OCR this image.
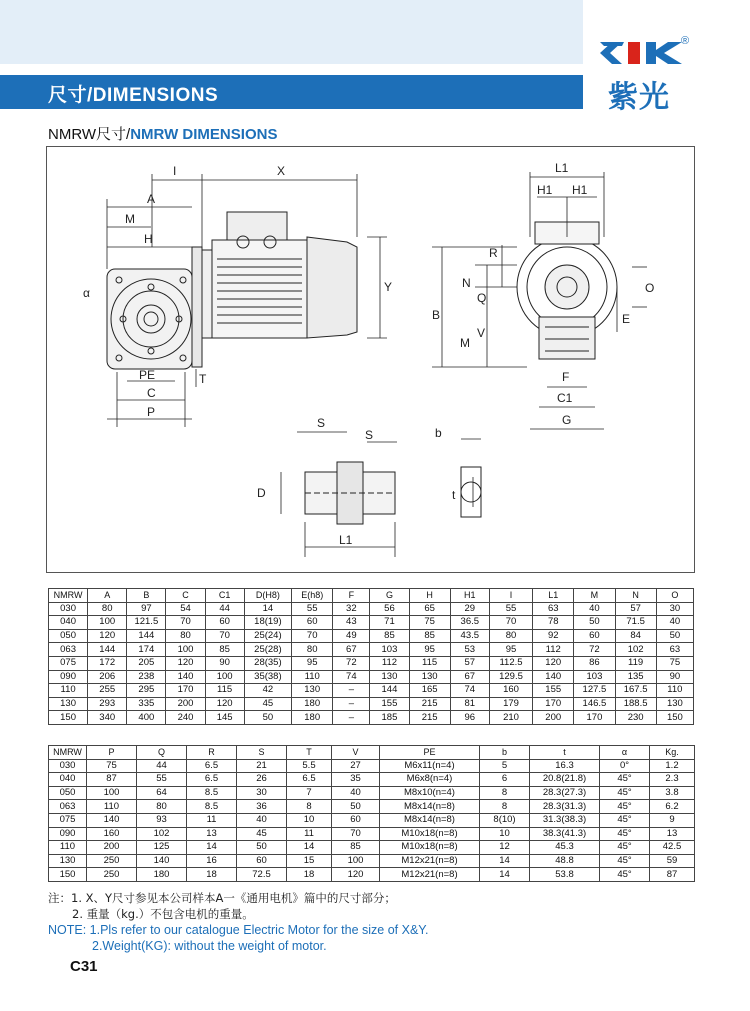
尺寸/DIMENSIONS
®
紫光
NMRW尺寸/NMRW DIMENSIONS
I	X
A
M
H
α	Y
PE
C
P
T
L1
H1 H1
R
N
Q
B
V
M
O
E
F
C1
G
S
S	b
D	t
L1
NMRW	A	B	C	C1	D(H8)	E(h8)	F	G	H	H1	I	L1	M	N	O
030	80	97	54	44	14	55	32	56	65	29	55	63	40	57	30
040	100	121.5	70	60	18(19)	60	43	71	75	36.5	70	78	50	71.5	40
050	120	144	80	70	25(24)	70	49	85	85	43.5	80	92	60	84	50
063	144	174	100	85	25(28)	80	67	103	95	53	95	112	72	102	63
075	172	205	120	90	28(35)	95	72	112	115	57	112.5	120	86	119	75
090	206	238	140	100	35(38)	110	74	130	130	67	129.5	140	103	135	90
110	255	295	170	115	42	130	–	144	165	74	160	155	127.5	167.5	110
130	293	335	200	120	45	180	–	155	215	81	179	170	146.5	188.5	130
150	340	400	240	145	50	180	–	185	215	96	210	200	170	230	150
NMRW	P	Q	R	S	T	V	PE	b	t	α	Kg.
030	75	44	6.5	21	5.5	27	M6x11(n=4)	5	16.3	0°	1.2
040	87	55	6.5	26	6.5	35	M6x8(n=4)	6	20.8(21.8)	45°	2.3
050	100	64	8.5	30	7	40	M8x10(n=4)	8	28.3(27.3)	45°	3.8
063	110	80	8.5	36	8	50	M8x14(n=8)	8	28.3(31.3)	45°	6.2
075	140	93	11	40	10	60	M8x14(n=8)	8(10)	31.3(38.3)	45°	9
090	160	102	13	45	11	70	M10x18(n=8)	10	38.3(41.3)	45°	13
110	200	125	14	50	14	85	M10x18(n=8)	12	45.3	45°	42.5
130	250	140	16	60	15	100	M12x21(n=8)	14	48.8	45°	59
150	250	180	18	72.5	18	120	M12x21(n=8)	14	53.8	45°	87
注：1. X、Y尺寸参见本公司样本A一《通用电机》篇中的尺寸部分；
2. 重量（kg.）不包含电机的重量。
NOTE: 1.Pls refer to our catalogue Electric Motor for the size of X&Y.
2.Weight(KG): without the weight of motor.
C31
